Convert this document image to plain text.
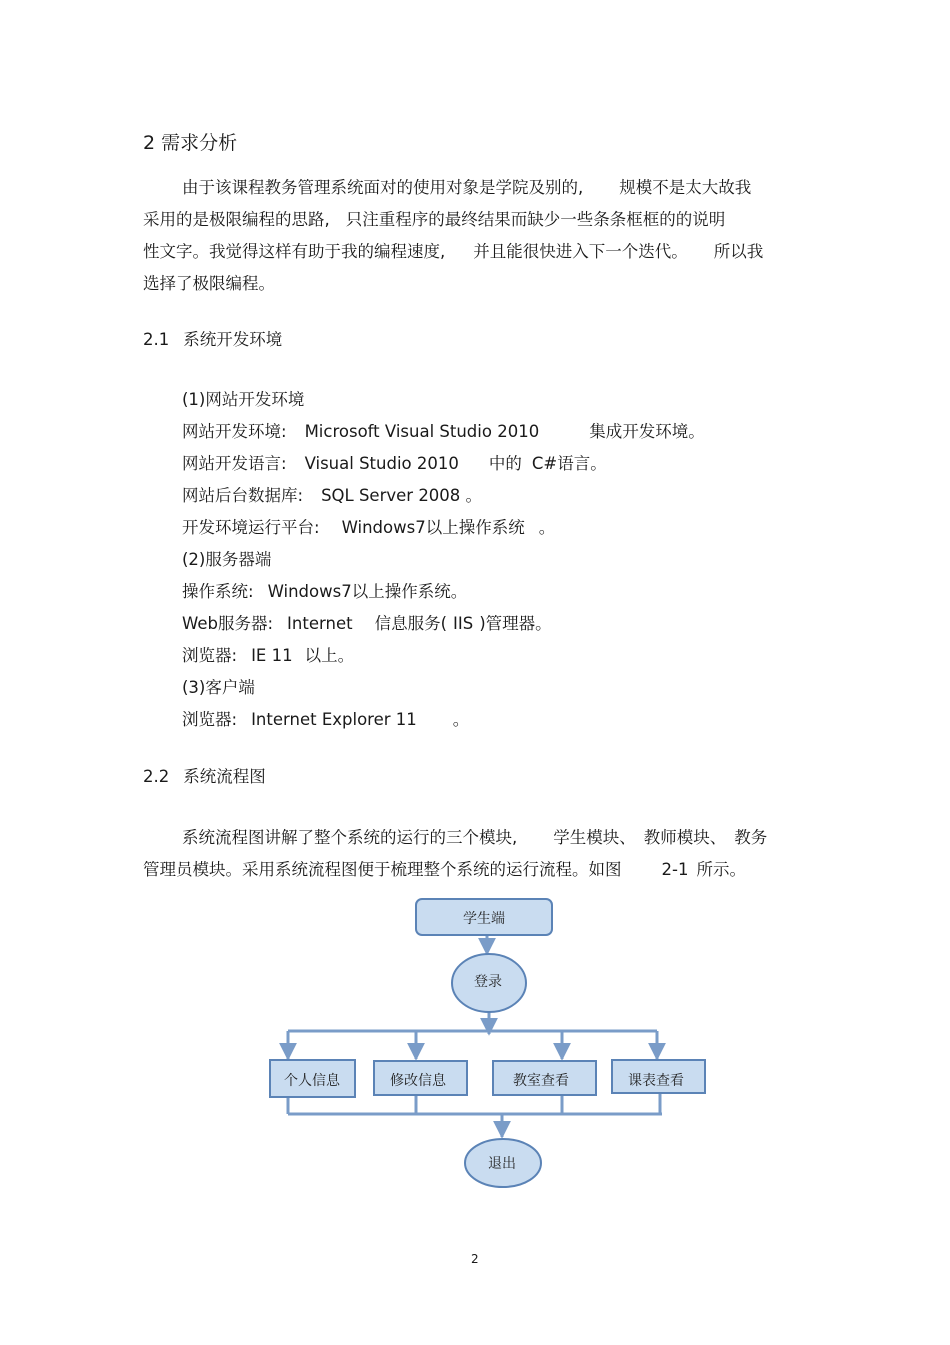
2 需求分析
由于该课程教务管理系统面对的使用对象是学院及别的, 规模不是太大故我
采用的是极限编程的思路, 只注重程序的最终结果而缺少一些条条框框的的说明
性文字。我觉得这样有助于我的编程速度, 并且能很快进入下一个迭代。 所以我
选择了极限编程。
2.1 系统开发环境
(1)网站开发环境
网站开发环境: Microsoft Visual Studio 2010	集成开发环境。
网站开发语言: Visual Studio 2010 中的 C#语言。
网站后台数据库: SQL Server 2008 。
开发环境运行平台: Windows7以上操作系统 。
(2)服务器端
操作系统: Windows7以上操作系统。
Web服务器: Internet 信息服务( IIS )管理器。
浏览器: IE 11 以上。
(3)客户端
浏览器: Internet Explorer 11 。
2.2 系统流程图
系统流程图讲解了整个系统的运行的三个模块, 学生模块、 教师模块、 教务
管理员模块。采用系统流程图便于梳理整个系统的运行流程。如图 2-1 所示。
学生端
登录
个人信息	修改信息	教室查看	课表查看
退出
2
